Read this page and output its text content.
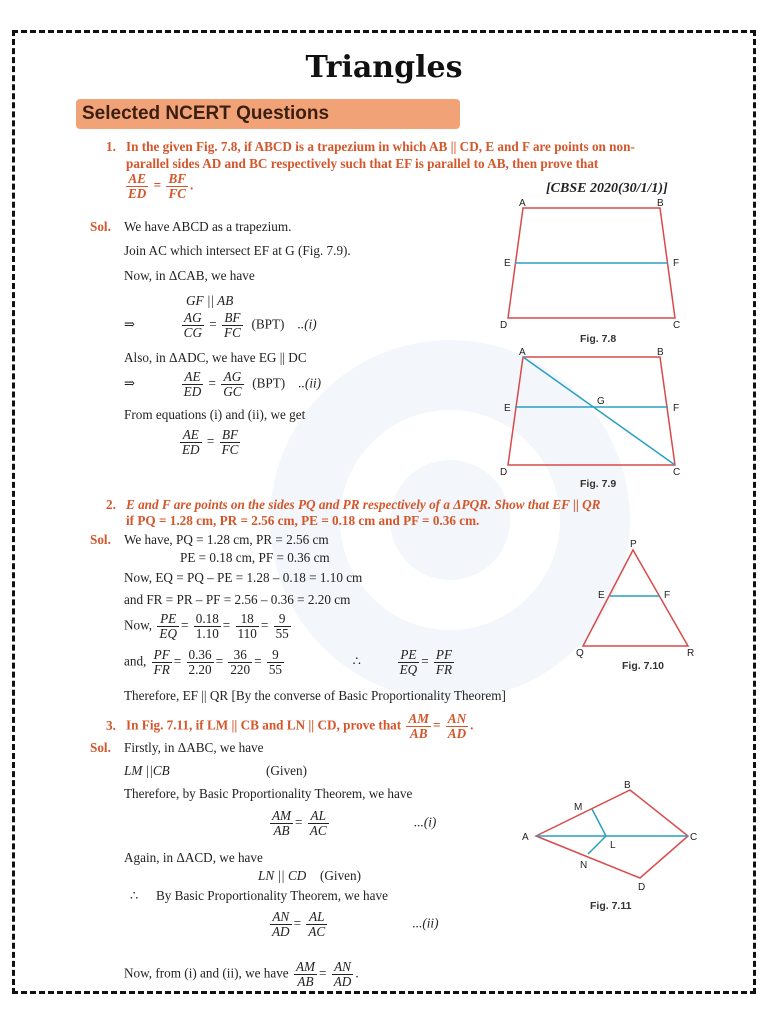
Triangles
Selected NCERT Questions
1. In the given Fig. 7.8, if ABCD is a trapezium in which AB || CD, E and F are points on non-
parallel sides AD and BC respectively such that EF is parallel to AB, then prove that
$\frac{AE}{ED} = \frac{BF}{FC}$ .	[CBSE 2020(30/1/1)]
Sol. We have ABCD as a trapezium.
Join AC which intersect EF at G (Fig. 7.9).
Now, in ΔCAB, we have
GF || AB
⇒	$\frac{AG}{CG} = \frac{BF}{FC} (BPT)$ ..(i)
Also, in ΔADC, we have EG || DC
⇒	$\frac{AE}{ED} = \frac{AG}{GC} (BPT)$ ..(ii)
From equations (i) and (ii), we get
$\frac{AE}{ED} = \frac{BF}{FC}$
A	B
C
D
E	F
Fig. 7.8
A	B
C
D
E	F
G
Fig. 7.9
2. E and F are points on the sides PQ and PR respectively of a ΔPQR. Show that EF || QR
if PQ = 1.28 cm, PR = 2.56 cm, PE = 0.18 cm and PF = 0.36 cm.
Sol. We have, PQ = 1.28 cm, PR = 2.56 cm
PE = 0.18 cm, PF = 0.36 cm
Now, EQ = PQ – PE = 1.28 – 0.18 = 1.10 cm
and FR = PR – PF = 2.56 – 0.36 = 2.20 cm
Now, $\frac{PE}{EQ} = \frac{0.18}{1.10} = \frac{18}{110} = \frac{9}{55}$
and, $\frac{PF}{FR} = \frac{0.36}{2.20} = \frac{36}{220} = \frac{9}{55}$	∴	$\frac{PE}{EQ} = \frac{PF}{FR}$
Therefore, EF || QR [By the converse of Basic Proportionality Theorem]
P
Q	R
E	F
Fig. 7.10
3. In Fig. 7.11, if LM || CB and LN || CD, prove that $\frac{AM}{AB} = \frac{AN}{AD}$ .
Sol. Firstly, in ΔABC, we have
LM ||CB	(Given)
Therefore, by Basic Proportionality Theorem, we have
$\frac{AM}{AB} = \frac{AL}{AC}$	...(i)
Again, in ΔACD, we have
LN || CD (Given)
∴ By Basic Proportionality Theorem, we have
$\frac{AN}{AD} = \frac{AL}{AC}$	...(ii)
Now, from (i) and (ii), we have $\frac{AM}{AB} = \frac{AN}{AD}$ .
A
B
C
D
L
M
N
Fig. 7.11
